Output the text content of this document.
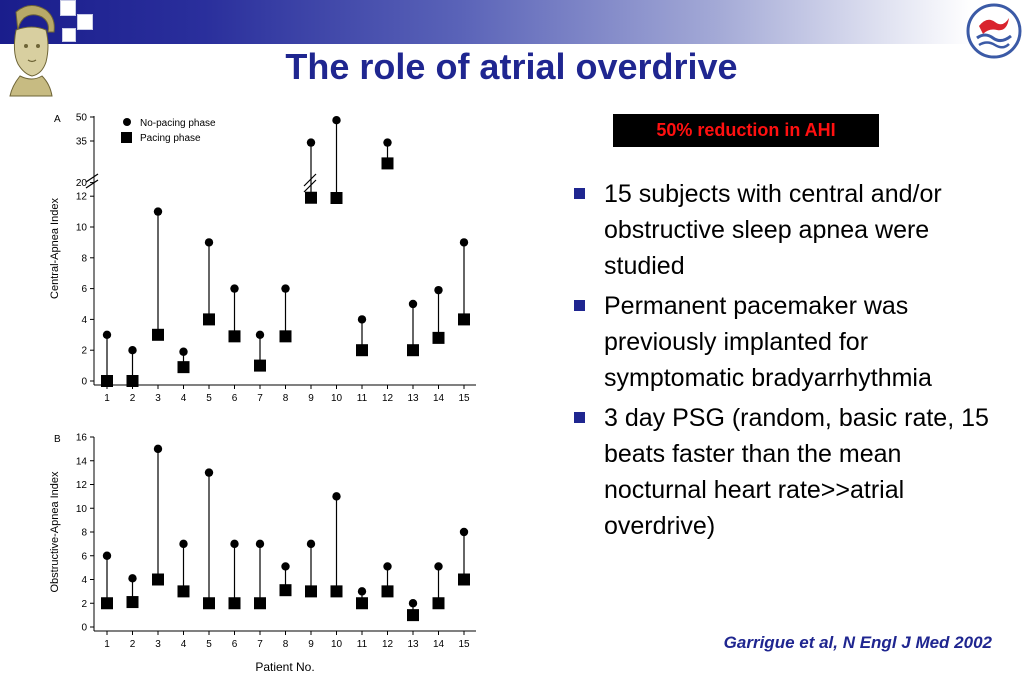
The role of atrial overdrive
50% reduction in AHI
15 subjects with central and/or obstructive sleep apnea were studied
Permanent pacemaker was previously implanted for symptomatic bradyarrhythmia
3 day PSG (random, basic rate, 15 beats faster than the mean nocturnal heart rate>>atrial overdrive)
Garrigue et al, N Engl J Med 2002
A
0
2
4
6
8
10
12
20
35
50
1 2 3 4 5 6 7 8 9 10 11 12 13 14 15
Central-Apnea Index
No-pacing phase
Pacing phase
B
0
2
4
6
8
10
12
14
16
1 2 3 4 5 6 7 8 9 10 11 12 13 14 15
Obstructive-Apnea Index
Patient No.
